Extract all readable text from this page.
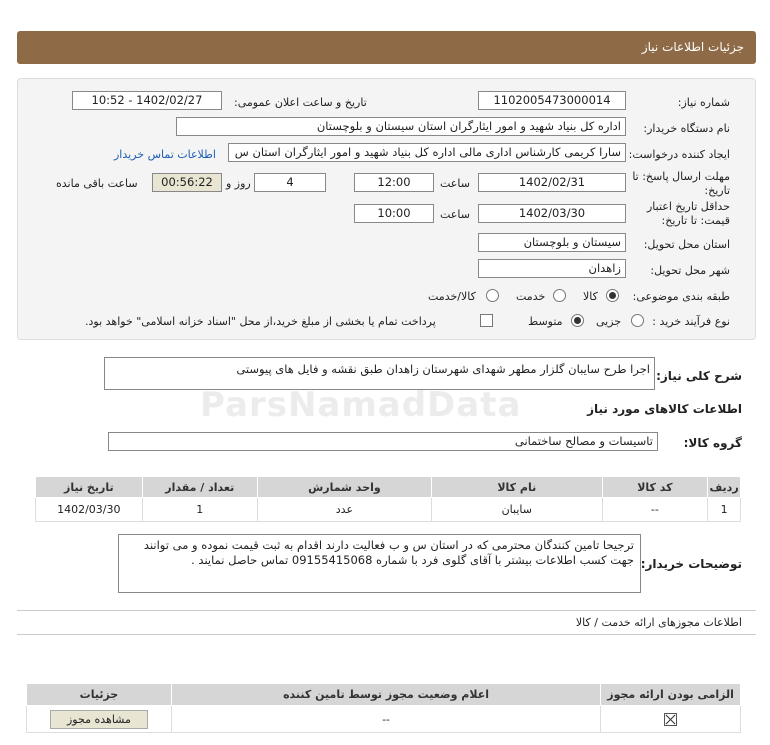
جزئیات اطلاعات نیاز
شماره نیاز:
1102005473000014
تاریخ و ساعت اعلان عمومی:
1402/02/27 - 10:52
نام دستگاه خریدار:
اداره کل بنیاد شهید و امور ایثارگران استان سیستان و بلوچستان
ایجاد کننده درخواست:
سارا کریمی کارشناس اداری مالی اداره کل بنیاد شهید و امور ایثارگران استان س
اطلاعات تماس خریدار
مهلت ارسال پاسخ: تا
تاریخ:
1402/02/31
ساعت
12:00
4
روز و
00:56:22
ساعت باقی مانده
حداقل تاریخ اعتبار
قیمت: تا تاریخ:
1402/03/30
ساعت
10:00
استان محل تحویل:
سیستان و بلوچستان
شهر محل تحویل:
زاهدان
طبقه بندی موضوعی:
کالا
خدمت
کالا/خدمت
نوع فرآیند خرید :
جزیی
متوسط
پرداخت تمام یا بخشی از مبلغ خرید،از محل "اسناد خزانه اسلامی" خواهد بود.
شرح کلی نیاز:
اجرا طرح سایبان گلزار مطهر شهدای شهرستان زاهدان طبق نقشه و فایل های پیوستی
ParsNamadData	اطلاعات کالاهای مورد نیاز
گروه کالا:
تاسیسات و مصالح ساختمانی
ردیف	کد کالا	نام کالا	واحد شمارش	تعداد / مقدار	تاریخ نیاز
1	--	سایبان	عدد	1	1402/03/30
توضیحات خریدار:
ترجیحا تامین کنندگان محترمی که در استان س و ب فعالیت دارند اقدام به ثبت قیمت نموده و می توانند جهت کسب اطلاعات بیشتر با آقای گلوی فرد با شماره 09155415068 تماس حاصل نمایند .
اطلاعات مجوزهای ارائه خدمت / کالا
الزامی بودن ارائه مجوز	اعلام وضعیت مجوز توسط تامین کننده	جزئیات
	--	مشاهده مجوز
